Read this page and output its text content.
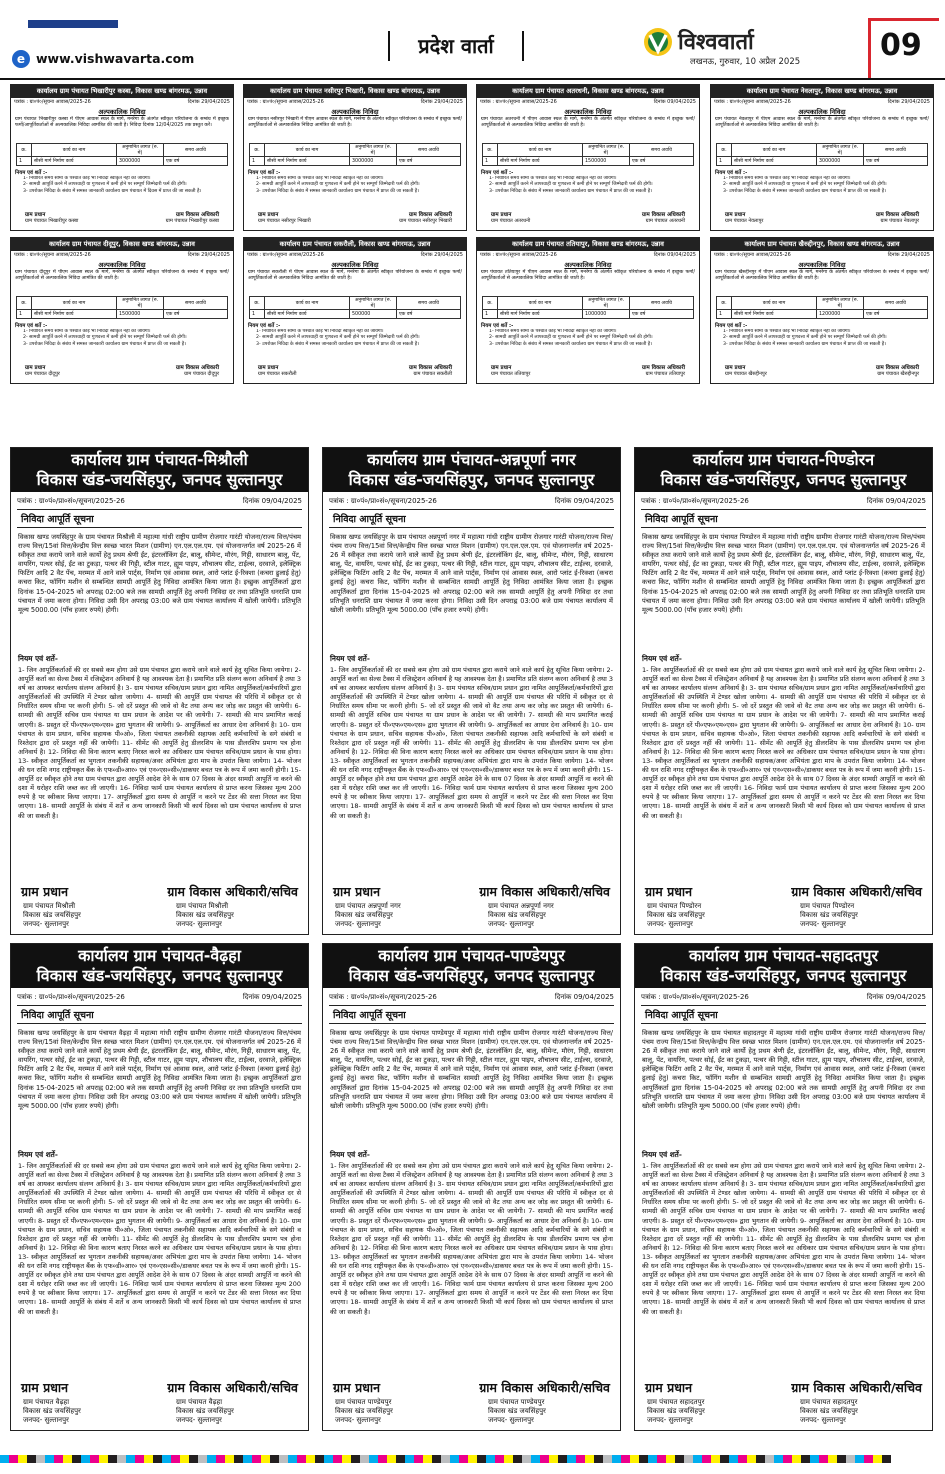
e www.vishwavarta.com
प्रदेश वार्ता	विश्ववार्ता
लखनऊ, गुरुवार, 10 अप्रैल 2025	09
कार्यालय ग्राम पंचायत भिखारीपुर कस्बा, विकास खण्ड बांगरमऊ, उन्नाव
पत्रांक : ग्रा०पं०/सूचना आवास/2025-26	दिनांक 29/04/2025
अल्पकालिक निविदा
ग्राम पंचायत भिखारीपुर कस्बा में पीएम आवास स्थल के मार्ग, मनरेगा के अंतर्गत स्वीकृत परियोजना के सम्बंध में इच्छुक फर्मो/आपूर्तिकर्ताओं से अल्पकालिक निविदा आमंत्रित की जाती है। निविदा दिनांक 12/04/2025 तक प्रस्तुत करें।
क्र.	कार्य का नाम	अनुमानित लागत (रु. में)	समय अवधि
1	सीसी मार्ग निर्माण कार्य	3000000	एक वर्ष
नियम एवं शर्ते :-
1- निर्धारित समय सीमा के पश्चात कोई भी निविदा स्वीकृत नहीं की जायेगी।
2- सामग्री आपूर्ति करने में लापरवाही या गुणवत्ता में कमी होने पर सम्पूर्ण जिम्मेदारी फर्म की होगी।
3- उपरोक्त निविदा के संबंध में समस्त जानकारी कार्यालय ग्राम पंचायत में दिवस में प्राप्त की जा सकती है।
ग्राम प्रधान	ग्राम विकास अधिकारी
ग्राम पंचायत भिखारीपुर कस्बा	ग्राम पंचायत भिखारीपुर कस्बा
कार्यालय ग्राम पंचायत नसीरपुर भिखारी, विकास खण्ड बांगरमऊ, उन्नाव
पत्रांक : ग्रा०पं०/सूचना आवास/2025-26	दिनांक 29/04/2025
अल्पकालिक निविदा
ग्राम पंचायत नसीरपुर भिखारी में पीएम आवास स्थल के मार्ग, मनरेगा के अंतर्गत स्वीकृत परियोजना के सम्बंध में इच्छुक फर्मो/आपूर्तिकर्ताओं से अल्पकालिक निविदा आमंत्रित की जाती है।
क्र.	कार्य का नाम	अनुमानित लागत (रु. में)	समय अवधि
1	सीसी मार्ग निर्माण कार्य	3000000	एक वर्ष
नियम एवं शर्ते :-
1- निर्धारित समय सीमा के पश्चात कोई भी निविदा स्वीकृत नहीं की जायेगी।
2- सामग्री आपूर्ति करने में लापरवाही या गुणवत्ता में कमी होने पर सम्पूर्ण जिम्मेदारी फर्म की होगी।
3- उपरोक्त निविदा के संबंध में समस्त जानकारी कार्यालय ग्राम पंचायत में प्राप्त की जा सकती है।
ग्राम प्रधान	ग्राम विकास अधिकारी
ग्राम पंचायत नसीरपुर भिखारी	ग्राम पंचायत नसीरपुर भिखारी
कार्यालय ग्राम पंचायत अतरधनी, विकास खण्ड बांगरमऊ, उन्नाव
पत्रांक : ग्रा०पं०/सूचना आवास/2025-26	दिनांक 09/04/2025
अल्पकालिक निविदा
ग्राम पंचायत अतरधनी में पीएम आवास स्थल के मार्ग, मनरेगा के अंतर्गत स्वीकृत परियोजना के सम्बंध में इच्छुक फर्मो/आपूर्तिकर्ताओं से अल्पकालिक निविदा आमंत्रित की जाती है।
क्र.	कार्य का नाम	अनुमानित लागत (रु. में)	समय अवधि
1	सीसी मार्ग निर्माण कार्य	1500000	एक वर्ष
नियम एवं शर्ते :-
1- निर्धारित समय सीमा के पश्चात कोई भी निविदा स्वीकृत नहीं की जायेगी।
2- सामग्री आपूर्ति करने में लापरवाही या गुणवत्ता में कमी होने पर सम्पूर्ण जिम्मेदारी फर्म की होगी।
3- उपरोक्त निविदा के संबंध में समस्त जानकारी कार्यालय ग्राम पंचायत में प्राप्त की जा सकती है।
ग्राम प्रधान	ग्राम विकास अधिकारी
ग्राम पंचायत अतरधनी	ग्राम पंचायत अतरधनी
कार्यालय ग्राम पंचायत नेवलापुर, विकास खण्ड बांगरमऊ, उन्नाव
पत्रांक : ग्रा०पं०/सूचना आवास/2025-26	दिनांक 29/04/2025
अल्पकालिक निविदा
ग्राम पंचायत नेवलापुर में पीएम आवास स्थल के मार्ग, मनरेगा के अंतर्गत स्वीकृत परियोजना के सम्बंध में इच्छुक फर्मो/आपूर्तिकर्ताओं से अल्पकालिक निविदा आमंत्रित की जाती है।
क्र.	कार्य का नाम	अनुमानित लागत (रु. में)	समय अवधि
1	सीसी मार्ग निर्माण कार्य	3000000	एक वर्ष
नियम एवं शर्ते :-
1- निर्धारित समय सीमा के पश्चात कोई भी निविदा स्वीकृत नहीं की जायेगी।
2- सामग्री आपूर्ति करने में लापरवाही या गुणवत्ता में कमी होने पर सम्पूर्ण जिम्मेदारी फर्म की होगी।
3- उपरोक्त निविदा के संबंध में समस्त जानकारी कार्यालय ग्राम पंचायत में प्राप्त की जा सकती है।
ग्राम प्रधान	ग्राम विकास अधिकारी
ग्राम पंचायत नेवलापुर	ग्राम पंचायत नेवलापुर
कार्यालय ग्राम पंचायत दीदूपुर, विकास खण्ड बांगरमऊ, उन्नाव
पत्रांक : ग्रा०पं०/सूचना आवास/2025-26	दिनांक 29/04/2025
अल्पकालिक निविदा
ग्राम पंचायत दीदूपुर में पीएम आवास स्थल के मार्ग, मनरेगा के अंतर्गत स्वीकृत परियोजना के सम्बंध में इच्छुक फर्मो/आपूर्तिकर्ताओं से अल्पकालिक निविदा आमंत्रित की जाती है।
क्र.	कार्य का नाम	अनुमानित लागत (रु. में)	समय अवधि
1	सीसी मार्ग निर्माण कार्य	1500000	एक वर्ष
नियम एवं शर्ते :-
1- निर्धारित समय सीमा के पश्चात कोई भी निविदा स्वीकृत नहीं की जायेगी।
2- सामग्री आपूर्ति करने में लापरवाही या गुणवत्ता में कमी होने पर सम्पूर्ण जिम्मेदारी फर्म की होगी।
3- उपरोक्त निविदा के संबंध में समस्त जानकारी कार्यालय ग्राम पंचायत में प्राप्त की जा सकती है।
ग्राम प्रधान	ग्राम विकास अधिकारी
ग्राम पंचायत दीदूपुर	ग्राम पंचायत दीदूपुर
कार्यालय ग्राम पंचायत सकरौली, विकास खण्ड बांगरमऊ, उन्नाव
पत्रांक : ग्रा०पं०/सूचना आवास/2025-26	दिनांक 29/04/2025
अल्पकालिक निविदा
ग्राम पंचायत सकरौली में पीएम आवास स्थल के मार्ग, मनरेगा के अंतर्गत स्वीकृत परियोजना के सम्बंध में इच्छुक फर्मो/आपूर्तिकर्ताओं से अल्पकालिक निविदा आमंत्रित की जाती है।
क्र.	कार्य का नाम	अनुमानित लागत (रु. में)	समय अवधि
1	सीसी मार्ग निर्माण कार्य	500000	एक वर्ष
नियम एवं शर्ते :-
1- निर्धारित समय सीमा के पश्चात कोई भी निविदा स्वीकृत नहीं की जायेगी।
2- सामग्री आपूर्ति करने में लापरवाही या गुणवत्ता में कमी होने पर सम्पूर्ण जिम्मेदारी फर्म की होगी।
3- उपरोक्त निविदा के संबंध में समस्त जानकारी कार्यालय ग्राम पंचायत में प्राप्त की जा सकती है।
ग्राम प्रधान	ग्राम विकास अधिकारी
ग्राम पंचायत सकरौली	ग्राम पंचायत सकरौली
कार्यालय ग्राम पंचायत ततियापुर, विकास खण्ड बांगरमऊ, उन्नाव
पत्रांक : ग्रा०पं०/सूचना आवास/2025-26	दिनांक 09/04/2025
अल्पकालिक निविदा
ग्राम पंचायत ततियापुर में पीएम आवास स्थल के मार्ग, मनरेगा के अंतर्गत स्वीकृत परियोजना के सम्बंध में इच्छुक फर्मो/आपूर्तिकर्ताओं से अल्पकालिक निविदा आमंत्रित की जाती है।
क्र.	कार्य का नाम	अनुमानित लागत (रु. में)	समय अवधि
1	सीसी मार्ग निर्माण कार्य	1000000	एक वर्ष
नियम एवं शर्ते :-
1- निर्धारित समय सीमा के पश्चात कोई भी निविदा स्वीकृत नहीं की जायेगी।
2- सामग्री आपूर्ति करने में लापरवाही या गुणवत्ता में कमी होने पर सम्पूर्ण जिम्मेदारी फर्म की होगी।
3- उपरोक्त निविदा के संबंध में समस्त जानकारी कार्यालय ग्राम पंचायत में प्राप्त की जा सकती है।
ग्राम प्रधान	ग्राम विकास अधिकारी
ग्राम पंचायत ततियापुर	ग्राम पंचायत ततियापुर
कार्यालय ग्राम पंचायत खैरुद्दीनपुर, विकास खण्ड बांगरमऊ, उन्नाव
पत्रांक : ग्रा०पं०/सूचना आवास/2025-26	दिनांक 29/04/2025
अल्पकालिक निविदा
ग्राम पंचायत खैरुद्दीनपुर में पीएम आवास स्थल के मार्ग, मनरेगा के अंतर्गत स्वीकृत परियोजना के सम्बंध में इच्छुक फर्मो/आपूर्तिकर्ताओं से अल्पकालिक निविदा आमंत्रित की जाती है।
क्र.	कार्य का नाम	अनुमानित लागत (रु. में)	समय अवधि
1	सीसी मार्ग निर्माण कार्य	1200000	एक वर्ष
नियम एवं शर्ते :-
1- निर्धारित समय सीमा के पश्चात कोई भी निविदा स्वीकृत नहीं की जायेगी।
2- सामग्री आपूर्ति करने में लापरवाही या गुणवत्ता में कमी होने पर सम्पूर्ण जिम्मेदारी फर्म की होगी।
3- उपरोक्त निविदा के संबंध में समस्त जानकारी कार्यालय ग्राम पंचायत में प्राप्त की जा सकती है।
ग्राम प्रधान	ग्राम विकास अधिकारी
ग्राम पंचायत खैरुद्दीनपुर	ग्राम पंचायत खैरुद्दीनपुर
कार्यालय ग्राम पंचायत-मिश्रौली
विकास खंड-जयसिंहपुर, जनपद सुल्तानपुर
पत्रांक : ग्रा०पं०/प्रा०सं०/सूचना/2025-26	दिनांक 09/04/2025
निविदा आपूर्ति सूचना
विकास खण्ड जयसिंहपुर के ग्राम पंचायत मिश्रौली में महात्मा गांधी राष्ट्रीय ग्रामीण रोजगार गारंटी योजना/राज्य वित्त/पंचम राज्य वित्त/15वां वित्त/केन्द्रीय वित्त स्वच्छ भारत मिशन (ग्रामीण) एन.एल.एल.एम. एवं योजनान्तर्गत वर्ष 2025-26 में स्वीकृत तथा कराये जाने वाले कार्यो हेतु प्रथम श्रेणी ईंट, इंटरलॉकिंग ईंट, बालू, सीमेन्ट, मौरंग, गिट्टी, साधारण बालू, पेंट, वायरिंग, पत्थर सोई, ईंट का टुकड़ा, पत्थर की गिट्टी, स्टील गाटर, ह्यूम पाइप, शौचालय सीट, टाईल्स, दरवाजे, इलेक्ट्रिक फिटिंग आदि 2 वैट पेंच, मरम्मत में आने वाले पार्ट्स, निर्माण एवं आवास स्थल, आरो प्लांट ई-रिक्शा (कचरा ढुलाई हेतु) कचरा किट, फॉगिंग मशीन से सम्बन्धित सामग्री आपूर्ति हेतु निविदा आमंत्रित किया जाता है। इच्छुक आपूर्तिकर्ता द्वारा दिनांक 15-04-2025 को अपराह्न 02:00 बजे तक सामग्री आपूर्ति हेतु अपनी निविदा दर तथा प्रतिभूति धनराशि ग्राम पंचायत में जमा करना होगा। निविदा उसी दिन अपराह्न 03:00 बजे ग्राम पंचायत कार्यालय में खोली जायेगी। प्रतिभूति मूल्य 5000.00 (पाँच हजार रुपये) होगी।
नियम एवं शर्ते-
1- जिन आपूर्तिकर्ताओं की दर सबसे कम होगा उसे ग्राम पंचायत द्वारा कराये जाने वाले कार्य हेतु सूचित किया जायेगा। 2- आपूर्ति कर्ता का सेल्स टैक्स में रजिस्ट्रेशन अनिवार्य है यह आवश्यक देता है। प्रमाणित प्रति संलग्न करना अनिवार्य है तथा 3 वर्ष का आयकर कार्यालय संलग्न अनिवार्य है। 3- ग्राम पंचायत सचिव/ग्राम प्रधान द्वारा नामित आपूर्तिकर्ता/कर्मचारियों द्वारा आपूर्तिकर्ताओं की उपस्थिति में टेण्डर खोला जायेगा। 4- सामग्री की आपूर्ति ग्राम पंचायत की परिधि में स्वीकृत दर से निर्धारित समय सीमा पर करनी होगी। 5- जो दरें प्रस्तुत की जावे वो वैट तथा अन्य कर जोड़ कर प्रस्तुत की जायेगी। 6- सामग्री की आपूर्ति सचिव ग्राम पंचायत या ग्राम प्रधान के आदेश पर की जायेगी। 7- सामग्री की माप प्रमाणित कराई जाएगी। 8- प्रस्तुत दरें पी०एफ०एम०एस० द्वारा भुगतान की जायेगी। 9- आपूर्तिकर्ता का आधार देना अनिवार्य है। 10- ग्राम पंचायत के ग्राम प्रधान, सचिव सहायक पी०ओ०, जिला पंचायत तकनीकी सहायक आदि कर्मचारियों के सगे संबंधी व रिश्तेदार द्वारा दरें प्रस्तुत नहीं की जायेगी। 11- सीमेंट की आपूर्ति हेतु डीलरशिप के पास डीलरशिप प्रमाण पत्र होना अनिवार्य है। 12- निविदा की विना कारण बताए निरस्त करने का अधिकार ग्राम पंचायत सचिव/ग्राम प्रधान के पास होगा। 13- स्वीकृत आपूर्तिकर्ता का भुगतान तकनीकी सहायक/अवर अभियंता द्वारा माप के उपरांत किया जायेगा। 14- भोजन की धन राशि नगद राष्ट्रीयकृत बैंक के एफ०डी०आर० एवं एन०एस०सी०/डाकघर बचत पत्र के रूप में जमा करनी होगी। 15- आपूर्ति दर स्वीकृत होने तथा ग्राम पंचायत द्वारा आपूर्ति आदेश देने के साथ 07 दिवस के अंदर सामग्री आपूर्ति ना करने की दशा में धरोहर राशि जब्त कर ली जाएगी। 16- निविदा फार्म ग्राम पंचायत कार्यालय से प्राप्त करना जिसका मूल्य 200 रुपये है पर स्वीकार किया जाएगा। 17- आपूर्तिकर्ता द्वारा समय से आपूर्ति न करने पर टेंडर की सत्ता निरस्त कर दिया जाएगा। 18- सामग्री आपूर्ति के संबंध में शर्ते व अन्य जानकारी किसी भी कार्य दिवस को ग्राम पंचायत कार्यालय से प्राप्त की जा सकती है।
ग्राम प्रधान	ग्राम विकास अधिकारी/सचिव
ग्राम पंचायत मिश्रौली
विकास खंड जयसिंहपुर
जनपद- सुल्तानपुर
ग्राम पंचायत मिश्रौली
विकास खंड जयसिंहपुर
जनपद- सुल्तानपुर
कार्यालय ग्राम पंचायत-अन्नपूर्णा नगर
विकास खंड-जयसिंहपुर, जनपद सुल्तानपुर
पत्रांक : ग्रा०पं०/प्रा०सं०/सूचना/2025-26	दिनांक 09/04/2025
निविदा आपूर्ति सूचना
विकास खण्ड जयसिंहपुर के ग्राम पंचायत अन्नपूर्णा नगर में महात्मा गांधी राष्ट्रीय ग्रामीण रोजगार गारंटी योजना/राज्य वित्त/पंचम राज्य वित्त/15वां वित्त/केन्द्रीय वित्त स्वच्छ भारत मिशन (ग्रामीण) एन.एल.एल.एम. एवं योजनान्तर्गत वर्ष 2025-26 में स्वीकृत तथा कराये जाने वाले कार्यो हेतु प्रथम श्रेणी ईंट, इंटरलॉकिंग ईंट, बालू, सीमेन्ट, मौरंग, गिट्टी, साधारण बालू, पेंट, वायरिंग, पत्थर सोई, ईंट का टुकड़ा, पत्थर की गिट्टी, स्टील गाटर, ह्यूम पाइप, शौचालय सीट, टाईल्स, दरवाजे, इलेक्ट्रिक फिटिंग आदि 2 वैट पेंच, मरम्मत में आने वाले पार्ट्स, निर्माण एवं आवास स्थल, आरो प्लांट ई-रिक्शा (कचरा ढुलाई हेतु) कचरा किट, फॉगिंग मशीन से सम्बन्धित सामग्री आपूर्ति हेतु निविदा आमंत्रित किया जाता है। इच्छुक आपूर्तिकर्ता द्वारा दिनांक 15-04-2025 को अपराह्न 02:00 बजे तक सामग्री आपूर्ति हेतु अपनी निविदा दर तथा प्रतिभूति धनराशि ग्राम पंचायत में जमा करना होगा। निविदा उसी दिन अपराह्न 03:00 बजे ग्राम पंचायत कार्यालय में खोली जायेगी। प्रतिभूति मूल्य 5000.00 (पाँच हजार रुपये) होगी।
नियम एवं शर्ते-
1- जिन आपूर्तिकर्ताओं की दर सबसे कम होगा उसे ग्राम पंचायत द्वारा कराये जाने वाले कार्य हेतु सूचित किया जायेगा। 2- आपूर्ति कर्ता का सेल्स टैक्स में रजिस्ट्रेशन अनिवार्य है यह आवश्यक देता है। प्रमाणित प्रति संलग्न करना अनिवार्य है तथा 3 वर्ष का आयकर कार्यालय संलग्न अनिवार्य है। 3- ग्राम पंचायत सचिव/ग्राम प्रधान द्वारा नामित आपूर्तिकर्ता/कर्मचारियों द्वारा आपूर्तिकर्ताओं की उपस्थिति में टेण्डर खोला जायेगा। 4- सामग्री की आपूर्ति ग्राम पंचायत की परिधि में स्वीकृत दर से निर्धारित समय सीमा पर करनी होगी। 5- जो दरें प्रस्तुत की जावे वो वैट तथा अन्य कर जोड़ कर प्रस्तुत की जायेगी। 6- सामग्री की आपूर्ति सचिव ग्राम पंचायत या ग्राम प्रधान के आदेश पर की जायेगी। 7- सामग्री की माप प्रमाणित कराई जाएगी। 8- प्रस्तुत दरें पी०एफ०एम०एस० द्वारा भुगतान की जायेगी। 9- आपूर्तिकर्ता का आधार देना अनिवार्य है। 10- ग्राम पंचायत के ग्राम प्रधान, सचिव सहायक पी०ओ०, जिला पंचायत तकनीकी सहायक आदि कर्मचारियों के सगे संबंधी व रिश्तेदार द्वारा दरें प्रस्तुत नहीं की जायेगी। 11- सीमेंट की आपूर्ति हेतु डीलरशिप के पास डीलरशिप प्रमाण पत्र होना अनिवार्य है। 12- निविदा की विना कारण बताए निरस्त करने का अधिकार ग्राम पंचायत सचिव/ग्राम प्रधान के पास होगा। 13- स्वीकृत आपूर्तिकर्ता का भुगतान तकनीकी सहायक/अवर अभियंता द्वारा माप के उपरांत किया जायेगा। 14- भोजन की धन राशि नगद राष्ट्रीयकृत बैंक के एफ०डी०आर० एवं एन०एस०सी०/डाकघर बचत पत्र के रूप में जमा करनी होगी। 15- आपूर्ति दर स्वीकृत होने तथा ग्राम पंचायत द्वारा आपूर्ति आदेश देने के साथ 07 दिवस के अंदर सामग्री आपूर्ति ना करने की दशा में धरोहर राशि जब्त कर ली जाएगी। 16- निविदा फार्म ग्राम पंचायत कार्यालय से प्राप्त करना जिसका मूल्य 200 रुपये है पर स्वीकार किया जाएगा। 17- आपूर्तिकर्ता द्वारा समय से आपूर्ति न करने पर टेंडर की सत्ता निरस्त कर दिया जाएगा। 18- सामग्री आपूर्ति के संबंध में शर्ते व अन्य जानकारी किसी भी कार्य दिवस को ग्राम पंचायत कार्यालय से प्राप्त की जा सकती है।
ग्राम प्रधान	ग्राम विकास अधिकारी/सचिव
ग्राम पंचायत अन्नपूर्णा नगर
विकास खंड जयसिंहपुर
जनपद- सुल्तानपुर
ग्राम पंचायत अन्नपूर्णा नगर
विकास खंड जयसिंहपुर
जनपद- सुल्तानपुर
कार्यालय ग्राम पंचायत-पिण्डोरन
विकास खंड-जयसिंहपुर, जनपद सुल्तानपुर
पत्रांक : ग्रा०पं०/प्रा०सं०/सूचना/2025-26	दिनांक 09/04/2025
निविदा आपूर्ति सूचना
विकास खण्ड जयसिंहपुर के ग्राम पंचायत पिण्डोरन में महात्मा गांधी राष्ट्रीय ग्रामीण रोजगार गारंटी योजना/राज्य वित्त/पंचम राज्य वित्त/15वां वित्त/केन्द्रीय वित्त स्वच्छ भारत मिशन (ग्रामीण) एन.एल.एल.एम. एवं योजनान्तर्गत वर्ष 2025-26 में स्वीकृत तथा कराये जाने वाले कार्यो हेतु प्रथम श्रेणी ईंट, इंटरलॉकिंग ईंट, बालू, सीमेन्ट, मौरंग, गिट्टी, साधारण बालू, पेंट, वायरिंग, पत्थर सोई, ईंट का टुकड़ा, पत्थर की गिट्टी, स्टील गाटर, ह्यूम पाइप, शौचालय सीट, टाईल्स, दरवाजे, इलेक्ट्रिक फिटिंग आदि 2 वैट पेंच, मरम्मत में आने वाले पार्ट्स, निर्माण एवं आवास स्थल, आरो प्लांट ई-रिक्शा (कचरा ढुलाई हेतु) कचरा किट, फॉगिंग मशीन से सम्बन्धित सामग्री आपूर्ति हेतु निविदा आमंत्रित किया जाता है। इच्छुक आपूर्तिकर्ता द्वारा दिनांक 15-04-2025 को अपराह्न 02:00 बजे तक सामग्री आपूर्ति हेतु अपनी निविदा दर तथा प्रतिभूति धनराशि ग्राम पंचायत में जमा करना होगा। निविदा उसी दिन अपराह्न 03:00 बजे ग्राम पंचायत कार्यालय में खोली जायेगी। प्रतिभूति मूल्य 5000.00 (पाँच हजार रुपये) होगी।
नियम एवं शर्ते-
1- जिन आपूर्तिकर्ताओं की दर सबसे कम होगा उसे ग्राम पंचायत द्वारा कराये जाने वाले कार्य हेतु सूचित किया जायेगा। 2- आपूर्ति कर्ता का सेल्स टैक्स में रजिस्ट्रेशन अनिवार्य है यह आवश्यक देता है। प्रमाणित प्रति संलग्न करना अनिवार्य है तथा 3 वर्ष का आयकर कार्यालय संलग्न अनिवार्य है। 3- ग्राम पंचायत सचिव/ग्राम प्रधान द्वारा नामित आपूर्तिकर्ता/कर्मचारियों द्वारा आपूर्तिकर्ताओं की उपस्थिति में टेण्डर खोला जायेगा। 4- सामग्री की आपूर्ति ग्राम पंचायत की परिधि में स्वीकृत दर से निर्धारित समय सीमा पर करनी होगी। 5- जो दरें प्रस्तुत की जावे वो वैट तथा अन्य कर जोड़ कर प्रस्तुत की जायेगी। 6- सामग्री की आपूर्ति सचिव ग्राम पंचायत या ग्राम प्रधान के आदेश पर की जायेगी। 7- सामग्री की माप प्रमाणित कराई जाएगी। 8- प्रस्तुत दरें पी०एफ०एम०एस० द्वारा भुगतान की जायेगी। 9- आपूर्तिकर्ता का आधार देना अनिवार्य है। 10- ग्राम पंचायत के ग्राम प्रधान, सचिव सहायक पी०ओ०, जिला पंचायत तकनीकी सहायक आदि कर्मचारियों के सगे संबंधी व रिश्तेदार द्वारा दरें प्रस्तुत नहीं की जायेगी। 11- सीमेंट की आपूर्ति हेतु डीलरशिप के पास डीलरशिप प्रमाण पत्र होना अनिवार्य है। 12- निविदा की विना कारण बताए निरस्त करने का अधिकार ग्राम पंचायत सचिव/ग्राम प्रधान के पास होगा। 13- स्वीकृत आपूर्तिकर्ता का भुगतान तकनीकी सहायक/अवर अभियंता द्वारा माप के उपरांत किया जायेगा। 14- भोजन की धन राशि नगद राष्ट्रीयकृत बैंक के एफ०डी०आर० एवं एन०एस०सी०/डाकघर बचत पत्र के रूप में जमा करनी होगी। 15- आपूर्ति दर स्वीकृत होने तथा ग्राम पंचायत द्वारा आपूर्ति आदेश देने के साथ 07 दिवस के अंदर सामग्री आपूर्ति ना करने की दशा में धरोहर राशि जब्त कर ली जाएगी। 16- निविदा फार्म ग्राम पंचायत कार्यालय से प्राप्त करना जिसका मूल्य 200 रुपये है पर स्वीकार किया जाएगा। 17- आपूर्तिकर्ता द्वारा समय से आपूर्ति न करने पर टेंडर की सत्ता निरस्त कर दिया जाएगा। 18- सामग्री आपूर्ति के संबंध में शर्ते व अन्य जानकारी किसी भी कार्य दिवस को ग्राम पंचायत कार्यालय से प्राप्त की जा सकती है।
ग्राम प्रधान	ग्राम विकास अधिकारी/सचिव
ग्राम पंचायत पिण्डोरन
विकास खंड जयसिंहपुर
जनपद- सुल्तानपुर
ग्राम पंचायत पिण्डोरन
विकास खंड जयसिंहपुर
जनपद- सुल्तानपुर
कार्यालय ग्राम पंचायत-वैढ़हा
विकास खंड-जयसिंहपुर, जनपद सुल्तानपुर
पत्रांक : ग्रा०पं०/प्रा०सं०/सूचना/2025-26	दिनांक 09/04/2025
निविदा आपूर्ति सूचना
विकास खण्ड जयसिंहपुर के ग्राम पंचायत वैढ़हा में महात्मा गांधी राष्ट्रीय ग्रामीण रोजगार गारंटी योजना/राज्य वित्त/पंचम राज्य वित्त/15वां वित्त/केन्द्रीय वित्त स्वच्छ भारत मिशन (ग्रामीण) एन.एल.एल.एम. एवं योजनान्तर्गत वर्ष 2025-26 में स्वीकृत तथा कराये जाने वाले कार्यो हेतु प्रथम श्रेणी ईंट, इंटरलॉकिंग ईंट, बालू, सीमेन्ट, मौरंग, गिट्टी, साधारण बालू, पेंट, वायरिंग, पत्थर सोई, ईंट का टुकड़ा, पत्थर की गिट्टी, स्टील गाटर, ह्यूम पाइप, शौचालय सीट, टाईल्स, दरवाजे, इलेक्ट्रिक फिटिंग आदि 2 वैट पेंच, मरम्मत में आने वाले पार्ट्स, निर्माण एवं आवास स्थल, आरो प्लांट ई-रिक्शा (कचरा ढुलाई हेतु) कचरा किट, फॉगिंग मशीन से सम्बन्धित सामग्री आपूर्ति हेतु निविदा आमंत्रित किया जाता है। इच्छुक आपूर्तिकर्ता द्वारा दिनांक 15-04-2025 को अपराह्न 02:00 बजे तक सामग्री आपूर्ति हेतु अपनी निविदा दर तथा प्रतिभूति धनराशि ग्राम पंचायत में जमा करना होगा। निविदा उसी दिन अपराह्न 03:00 बजे ग्राम पंचायत कार्यालय में खोली जायेगी। प्रतिभूति मूल्य 5000.00 (पाँच हजार रुपये) होगी।
नियम एवं शर्ते-
1- जिन आपूर्तिकर्ताओं की दर सबसे कम होगा उसे ग्राम पंचायत द्वारा कराये जाने वाले कार्य हेतु सूचित किया जायेगा। 2- आपूर्ति कर्ता का सेल्स टैक्स में रजिस्ट्रेशन अनिवार्य है यह आवश्यक देता है। प्रमाणित प्रति संलग्न करना अनिवार्य है तथा 3 वर्ष का आयकर कार्यालय संलग्न अनिवार्य है। 3- ग्राम पंचायत सचिव/ग्राम प्रधान द्वारा नामित आपूर्तिकर्ता/कर्मचारियों द्वारा आपूर्तिकर्ताओं की उपस्थिति में टेण्डर खोला जायेगा। 4- सामग्री की आपूर्ति ग्राम पंचायत की परिधि में स्वीकृत दर से निर्धारित समय सीमा पर करनी होगी। 5- जो दरें प्रस्तुत की जावे वो वैट तथा अन्य कर जोड़ कर प्रस्तुत की जायेगी। 6- सामग्री की आपूर्ति सचिव ग्राम पंचायत या ग्राम प्रधान के आदेश पर की जायेगी। 7- सामग्री की माप प्रमाणित कराई जाएगी। 8- प्रस्तुत दरें पी०एफ०एम०एस० द्वारा भुगतान की जायेगी। 9- आपूर्तिकर्ता का आधार देना अनिवार्य है। 10- ग्राम पंचायत के ग्राम प्रधान, सचिव सहायक पी०ओ०, जिला पंचायत तकनीकी सहायक आदि कर्मचारियों के सगे संबंधी व रिश्तेदार द्वारा दरें प्रस्तुत नहीं की जायेगी। 11- सीमेंट की आपूर्ति हेतु डीलरशिप के पास डीलरशिप प्रमाण पत्र होना अनिवार्य है। 12- निविदा की विना कारण बताए निरस्त करने का अधिकार ग्राम पंचायत सचिव/ग्राम प्रधान के पास होगा। 13- स्वीकृत आपूर्तिकर्ता का भुगतान तकनीकी सहायक/अवर अभियंता द्वारा माप के उपरांत किया जायेगा। 14- भोजन की धन राशि नगद राष्ट्रीयकृत बैंक के एफ०डी०आर० एवं एन०एस०सी०/डाकघर बचत पत्र के रूप में जमा करनी होगी। 15- आपूर्ति दर स्वीकृत होने तथा ग्राम पंचायत द्वारा आपूर्ति आदेश देने के साथ 07 दिवस के अंदर सामग्री आपूर्ति ना करने की दशा में धरोहर राशि जब्त कर ली जाएगी। 16- निविदा फार्म ग्राम पंचायत कार्यालय से प्राप्त करना जिसका मूल्य 200 रुपये है पर स्वीकार किया जाएगा। 17- आपूर्तिकर्ता द्वारा समय से आपूर्ति न करने पर टेंडर की सत्ता निरस्त कर दिया जाएगा। 18- सामग्री आपूर्ति के संबंध में शर्ते व अन्य जानकारी किसी भी कार्य दिवस को ग्राम पंचायत कार्यालय से प्राप्त की जा सकती है।
ग्राम प्रधान	ग्राम विकास अधिकारी/सचिव
ग्राम पंचायत वैढ़हा
विकास खंड जयसिंहपुर
जनपद- सुल्तानपुर
ग्राम पंचायत वैढ़हा
विकास खंड जयसिंहपुर
जनपद- सुल्तानपुर
कार्यालय ग्राम पंचायत-पाण्डेयपुर
विकास खंड-जयसिंहपुर, जनपद सुल्तानपुर
पत्रांक : ग्रा०पं०/प्रा०सं०/सूचना/2025-26	दिनांक 09/04/2025
निविदा आपूर्ति सूचना
विकास खण्ड जयसिंहपुर के ग्राम पंचायत पाण्डेयपुर में महात्मा गांधी राष्ट्रीय ग्रामीण रोजगार गारंटी योजना/राज्य वित्त/पंचम राज्य वित्त/15वां वित्त/केन्द्रीय वित्त स्वच्छ भारत मिशन (ग्रामीण) एन.एल.एल.एम. एवं योजनान्तर्गत वर्ष 2025-26 में स्वीकृत तथा कराये जाने वाले कार्यो हेतु प्रथम श्रेणी ईंट, इंटरलॉकिंग ईंट, बालू, सीमेन्ट, मौरंग, गिट्टी, साधारण बालू, पेंट, वायरिंग, पत्थर सोई, ईंट का टुकड़ा, पत्थर की गिट्टी, स्टील गाटर, ह्यूम पाइप, शौचालय सीट, टाईल्स, दरवाजे, इलेक्ट्रिक फिटिंग आदि 2 वैट पेंच, मरम्मत में आने वाले पार्ट्स, निर्माण एवं आवास स्थल, आरो प्लांट ई-रिक्शा (कचरा ढुलाई हेतु) कचरा किट, फॉगिंग मशीन से सम्बन्धित सामग्री आपूर्ति हेतु निविदा आमंत्रित किया जाता है। इच्छुक आपूर्तिकर्ता द्वारा दिनांक 15-04-2025 को अपराह्न 02:00 बजे तक सामग्री आपूर्ति हेतु अपनी निविदा दर तथा प्रतिभूति धनराशि ग्राम पंचायत में जमा करना होगा। निविदा उसी दिन अपराह्न 03:00 बजे ग्राम पंचायत कार्यालय में खोली जायेगी। प्रतिभूति मूल्य 5000.00 (पाँच हजार रुपये) होगी।
नियम एवं शर्ते-
1- जिन आपूर्तिकर्ताओं की दर सबसे कम होगा उसे ग्राम पंचायत द्वारा कराये जाने वाले कार्य हेतु सूचित किया जायेगा। 2- आपूर्ति कर्ता का सेल्स टैक्स में रजिस्ट्रेशन अनिवार्य है यह आवश्यक देता है। प्रमाणित प्रति संलग्न करना अनिवार्य है तथा 3 वर्ष का आयकर कार्यालय संलग्न अनिवार्य है। 3- ग्राम पंचायत सचिव/ग्राम प्रधान द्वारा नामित आपूर्तिकर्ता/कर्मचारियों द्वारा आपूर्तिकर्ताओं की उपस्थिति में टेण्डर खोला जायेगा। 4- सामग्री की आपूर्ति ग्राम पंचायत की परिधि में स्वीकृत दर से निर्धारित समय सीमा पर करनी होगी। 5- जो दरें प्रस्तुत की जावे वो वैट तथा अन्य कर जोड़ कर प्रस्तुत की जायेगी। 6- सामग्री की आपूर्ति सचिव ग्राम पंचायत या ग्राम प्रधान के आदेश पर की जायेगी। 7- सामग्री की माप प्रमाणित कराई जाएगी। 8- प्रस्तुत दरें पी०एफ०एम०एस० द्वारा भुगतान की जायेगी। 9- आपूर्तिकर्ता का आधार देना अनिवार्य है। 10- ग्राम पंचायत के ग्राम प्रधान, सचिव सहायक पी०ओ०, जिला पंचायत तकनीकी सहायक आदि कर्मचारियों के सगे संबंधी व रिश्तेदार द्वारा दरें प्रस्तुत नहीं की जायेगी। 11- सीमेंट की आपूर्ति हेतु डीलरशिप के पास डीलरशिप प्रमाण पत्र होना अनिवार्य है। 12- निविदा की विना कारण बताए निरस्त करने का अधिकार ग्राम पंचायत सचिव/ग्राम प्रधान के पास होगा। 13- स्वीकृत आपूर्तिकर्ता का भुगतान तकनीकी सहायक/अवर अभियंता द्वारा माप के उपरांत किया जायेगा। 14- भोजन की धन राशि नगद राष्ट्रीयकृत बैंक के एफ०डी०आर० एवं एन०एस०सी०/डाकघर बचत पत्र के रूप में जमा करनी होगी। 15- आपूर्ति दर स्वीकृत होने तथा ग्राम पंचायत द्वारा आपूर्ति आदेश देने के साथ 07 दिवस के अंदर सामग्री आपूर्ति ना करने की दशा में धरोहर राशि जब्त कर ली जाएगी। 16- निविदा फार्म ग्राम पंचायत कार्यालय से प्राप्त करना जिसका मूल्य 200 रुपये है पर स्वीकार किया जाएगा। 17- आपूर्तिकर्ता द्वारा समय से आपूर्ति न करने पर टेंडर की सत्ता निरस्त कर दिया जाएगा। 18- सामग्री आपूर्ति के संबंध में शर्ते व अन्य जानकारी किसी भी कार्य दिवस को ग्राम पंचायत कार्यालय से प्राप्त की जा सकती है।
ग्राम प्रधान	ग्राम विकास अधिकारी/सचिव
ग्राम पंचायत पाण्डेयपुर
विकास खंड जयसिंहपुर
जनपद- सुल्तानपुर
ग्राम पंचायत पाण्डेयपुर
विकास खंड जयसिंहपुर
जनपद- सुल्तानपुर
कार्यालय ग्राम पंचायत-सहादतपुर
विकास खंड-जयसिंहपुर, जनपद सुल्तानपुर
पत्रांक : ग्रा०पं०/प्रा०सं०/सूचना/2025-26	दिनांक 09/04/2025
निविदा आपूर्ति सूचना
विकास खण्ड जयसिंहपुर के ग्राम पंचायत सहादतपुर में महात्मा गांधी राष्ट्रीय ग्रामीण रोजगार गारंटी योजना/राज्य वित्त/पंचम राज्य वित्त/15वां वित्त/केन्द्रीय वित्त स्वच्छ भारत मिशन (ग्रामीण) एन.एल.एल.एम. एवं योजनान्तर्गत वर्ष 2025-26 में स्वीकृत तथा कराये जाने वाले कार्यो हेतु प्रथम श्रेणी ईंट, इंटरलॉकिंग ईंट, बालू, सीमेन्ट, मौरंग, गिट्टी, साधारण बालू, पेंट, वायरिंग, पत्थर सोई, ईंट का टुकड़ा, पत्थर की गिट्टी, स्टील गाटर, ह्यूम पाइप, शौचालय सीट, टाईल्स, दरवाजे, इलेक्ट्रिक फिटिंग आदि 2 वैट पेंच, मरम्मत में आने वाले पार्ट्स, निर्माण एवं आवास स्थल, आरो प्लांट ई-रिक्शा (कचरा ढुलाई हेतु) कचरा किट, फॉगिंग मशीन से सम्बन्धित सामग्री आपूर्ति हेतु निविदा आमंत्रित किया जाता है। इच्छुक आपूर्तिकर्ता द्वारा दिनांक 15-04-2025 को अपराह्न 02:00 बजे तक सामग्री आपूर्ति हेतु अपनी निविदा दर तथा प्रतिभूति धनराशि ग्राम पंचायत में जमा करना होगा। निविदा उसी दिन अपराह्न 03:00 बजे ग्राम पंचायत कार्यालय में खोली जायेगी। प्रतिभूति मूल्य 5000.00 (पाँच हजार रुपये) होगी।
नियम एवं शर्ते-
1- जिन आपूर्तिकर्ताओं की दर सबसे कम होगा उसे ग्राम पंचायत द्वारा कराये जाने वाले कार्य हेतु सूचित किया जायेगा। 2- आपूर्ति कर्ता का सेल्स टैक्स में रजिस्ट्रेशन अनिवार्य है यह आवश्यक देता है। प्रमाणित प्रति संलग्न करना अनिवार्य है तथा 3 वर्ष का आयकर कार्यालय संलग्न अनिवार्य है। 3- ग्राम पंचायत सचिव/ग्राम प्रधान द्वारा नामित आपूर्तिकर्ता/कर्मचारियों द्वारा आपूर्तिकर्ताओं की उपस्थिति में टेण्डर खोला जायेगा। 4- सामग्री की आपूर्ति ग्राम पंचायत की परिधि में स्वीकृत दर से निर्धारित समय सीमा पर करनी होगी। 5- जो दरें प्रस्तुत की जावे वो वैट तथा अन्य कर जोड़ कर प्रस्तुत की जायेगी। 6- सामग्री की आपूर्ति सचिव ग्राम पंचायत या ग्राम प्रधान के आदेश पर की जायेगी। 7- सामग्री की माप प्रमाणित कराई जाएगी। 8- प्रस्तुत दरें पी०एफ०एम०एस० द्वारा भुगतान की जायेगी। 9- आपूर्तिकर्ता का आधार देना अनिवार्य है। 10- ग्राम पंचायत के ग्राम प्रधान, सचिव सहायक पी०ओ०, जिला पंचायत तकनीकी सहायक आदि कर्मचारियों के सगे संबंधी व रिश्तेदार द्वारा दरें प्रस्तुत नहीं की जायेगी। 11- सीमेंट की आपूर्ति हेतु डीलरशिप के पास डीलरशिप प्रमाण पत्र होना अनिवार्य है। 12- निविदा की विना कारण बताए निरस्त करने का अधिकार ग्राम पंचायत सचिव/ग्राम प्रधान के पास होगा। 13- स्वीकृत आपूर्तिकर्ता का भुगतान तकनीकी सहायक/अवर अभियंता द्वारा माप के उपरांत किया जायेगा। 14- भोजन की धन राशि नगद राष्ट्रीयकृत बैंक के एफ०डी०आर० एवं एन०एस०सी०/डाकघर बचत पत्र के रूप में जमा करनी होगी। 15- आपूर्ति दर स्वीकृत होने तथा ग्राम पंचायत द्वारा आपूर्ति आदेश देने के साथ 07 दिवस के अंदर सामग्री आपूर्ति ना करने की दशा में धरोहर राशि जब्त कर ली जाएगी। 16- निविदा फार्म ग्राम पंचायत कार्यालय से प्राप्त करना जिसका मूल्य 200 रुपये है पर स्वीकार किया जाएगा। 17- आपूर्तिकर्ता द्वारा समय से आपूर्ति न करने पर टेंडर की सत्ता निरस्त कर दिया जाएगा। 18- सामग्री आपूर्ति के संबंध में शर्ते व अन्य जानकारी किसी भी कार्य दिवस को ग्राम पंचायत कार्यालय से प्राप्त की जा सकती है।
ग्राम प्रधान	ग्राम विकास अधिकारी/सचिव
ग्राम पंचायत सहादतपुर
विकास खंड जयसिंहपुर
जनपद- सुल्तानपुर
ग्राम पंचायत सहादतपुर
विकास खंड जयसिंहपुर
जनपद- सुल्तानपुर
